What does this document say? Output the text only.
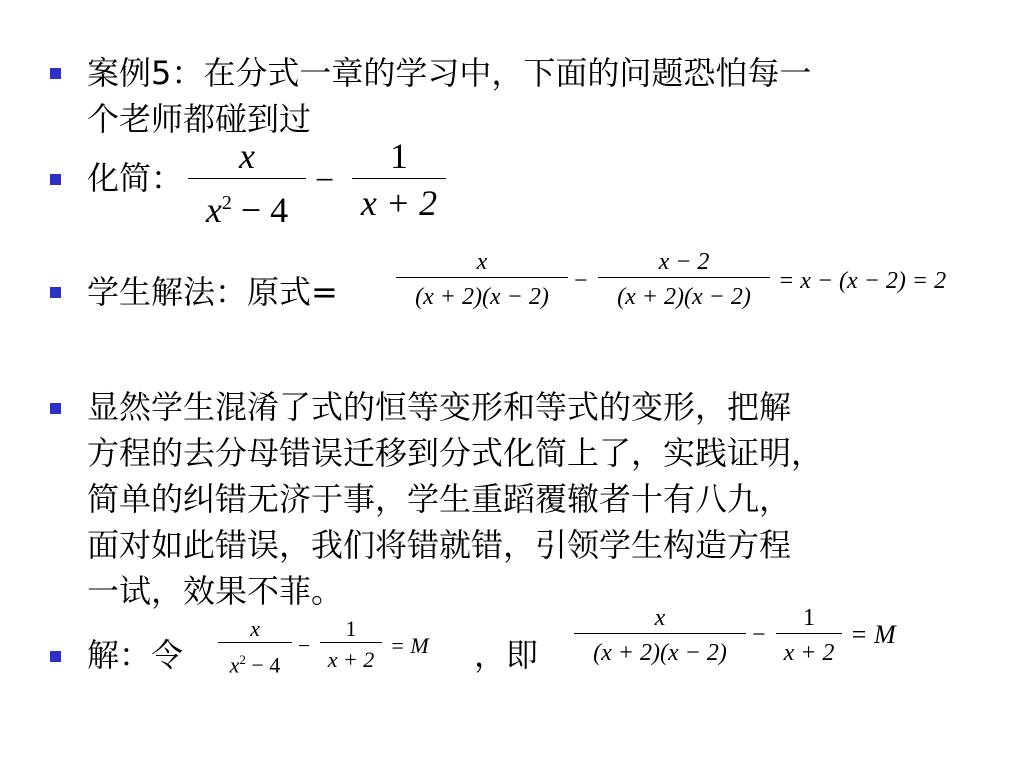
案例5：在分式一章的学习中，下面的问题恐怕每一
个老师都碰到过
化简：
x
$x^2 - 4$
−
1
x + 2
学生解法：原式=
x
(x + 2)(x − 2)
−
x − 2
(x + 2)(x − 2)
= x − (x − 2) = 2
显然学生混淆了式的恒等变形和等式的变形，把解
方程的去分母错误迁移到分式化简上了，实践证明，
简单的纠错无济于事，学生重蹈覆辙者十有八九，
面对如此错误，我们将错就错，引领学生构造方程
一试，效果不菲。
解：令
x
$x^2 - 4$
−
1
x + 2
= M ，即
x
(x + 2)(x − 2)
−
1
x + 2
= M
